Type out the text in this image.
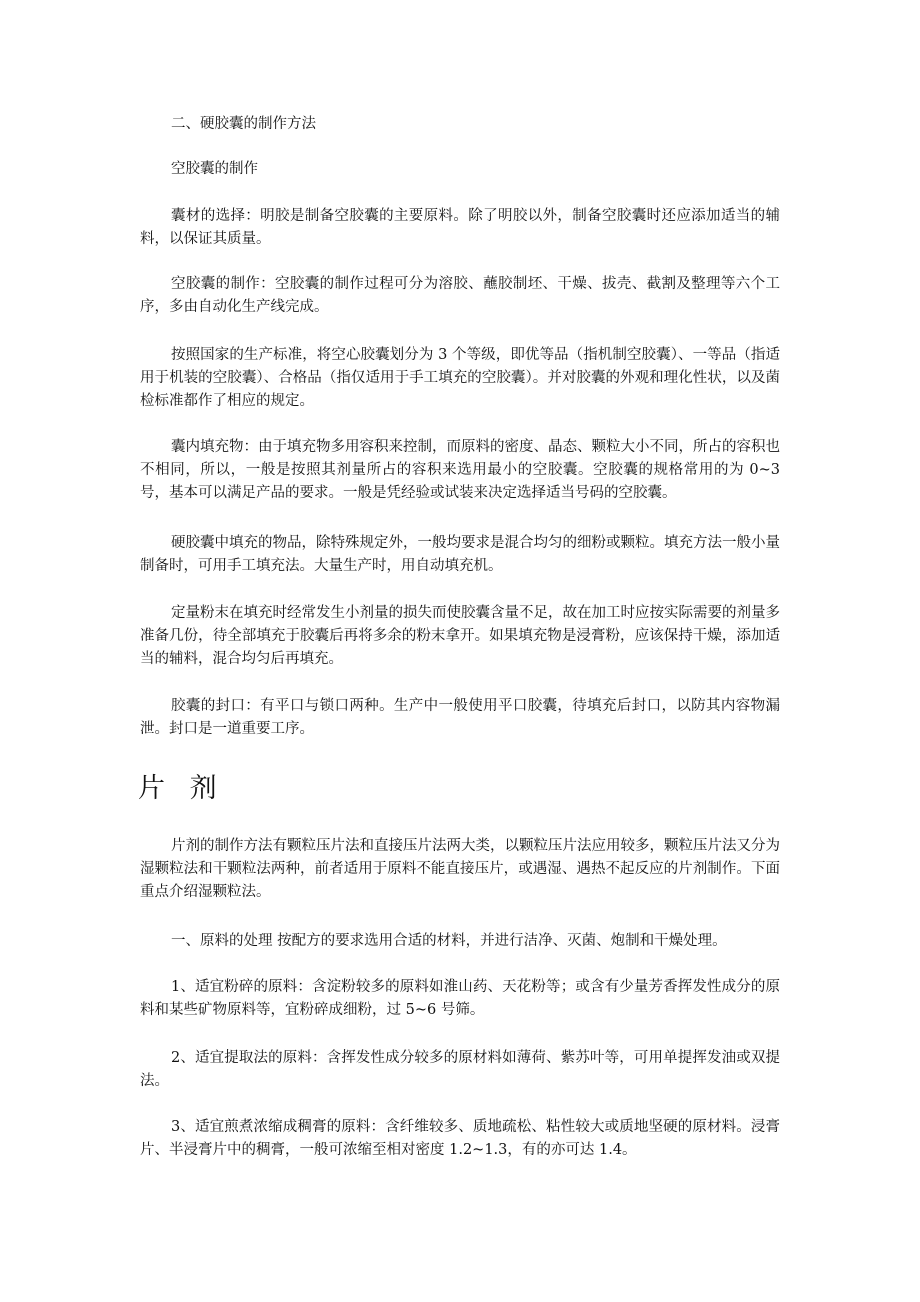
二、硬胶囊的制作方法

空胶囊的制作

囊材的选择：明胶是制备空胶囊的主要原料。除了明胶以外，制备空胶囊时还应添加适当的辅料，以保证其质量。

空胶囊的制作：空胶囊的制作过程可分为溶胶、蘸胶制坯、干燥、拔壳、截割及整理等六个工序，多由自动化生产线完成。

按照国家的生产标准，将空心胶囊划分为 3 个等级，即优等品（指机制空胶囊）、一等品（指适用于机装的空胶囊）、合格品（指仅适用于手工填充的空胶囊）。并对胶囊的外观和理化性状，以及菌检标准都作了相应的规定。

囊内填充物：由于填充物多用容积来控制，而原料的密度、晶态、颗粒大小不同，所占的容积也不相同，所以，一般是按照其剂量所占的容积来选用最小的空胶囊。空胶囊的规格常用的为 0~3 号，基本可以满足产品的要求。一般是凭经验或试装来决定选择适当号码的空胶囊。

硬胶囊中填充的物品，除特殊规定外，一般均要求是混合均匀的细粉或颗粒。填充方法一般小量制备时，可用手工填充法。大量生产时，用自动填充机。

定量粉末在填充时经常发生小剂量的损失而使胶囊含量不足，故在加工时应按实际需要的剂量多准备几份，待全部填充于胶囊后再将多余的粉末拿开。如果填充物是浸膏粉，应该保持干燥，添加适当的辅料，混合均匀后再填充。

胶囊的封口：有平口与锁口两种。生产中一般使用平口胶囊，待填充后封口，以防其内容物漏泄。封口是一道重要工序。

片 剂

片剂的制作方法有颗粒压片法和直接压片法两大类，以颗粒压片法应用较多，颗粒压片法又分为湿颗粒法和干颗粒法两种，前者适用于原料不能直接压片，或遇湿、遇热不起反应的片剂制作。下面重点介绍湿颗粒法。

一、原料的处理 按配方的要求选用合适的材料，并进行洁净、灭菌、炮制和干燥处理。

1、适宜粉碎的原料：含淀粉较多的原料如淮山药、天花粉等；或含有少量芳香挥发性成分的原料和某些矿物原料等，宜粉碎成细粉，过 5~6 号筛。

2、适宜提取法的原料：含挥发性成分较多的原材料如薄荷、紫苏叶等，可用单提挥发油或双提法。

3、适宜煎煮浓缩成稠膏的原料：含纤维较多、质地疏松、粘性较大或质地坚硬的原材料。浸膏片、半浸膏片中的稠膏，一般可浓缩至相对密度 1.2~1.3，有的亦可达 1.4。
